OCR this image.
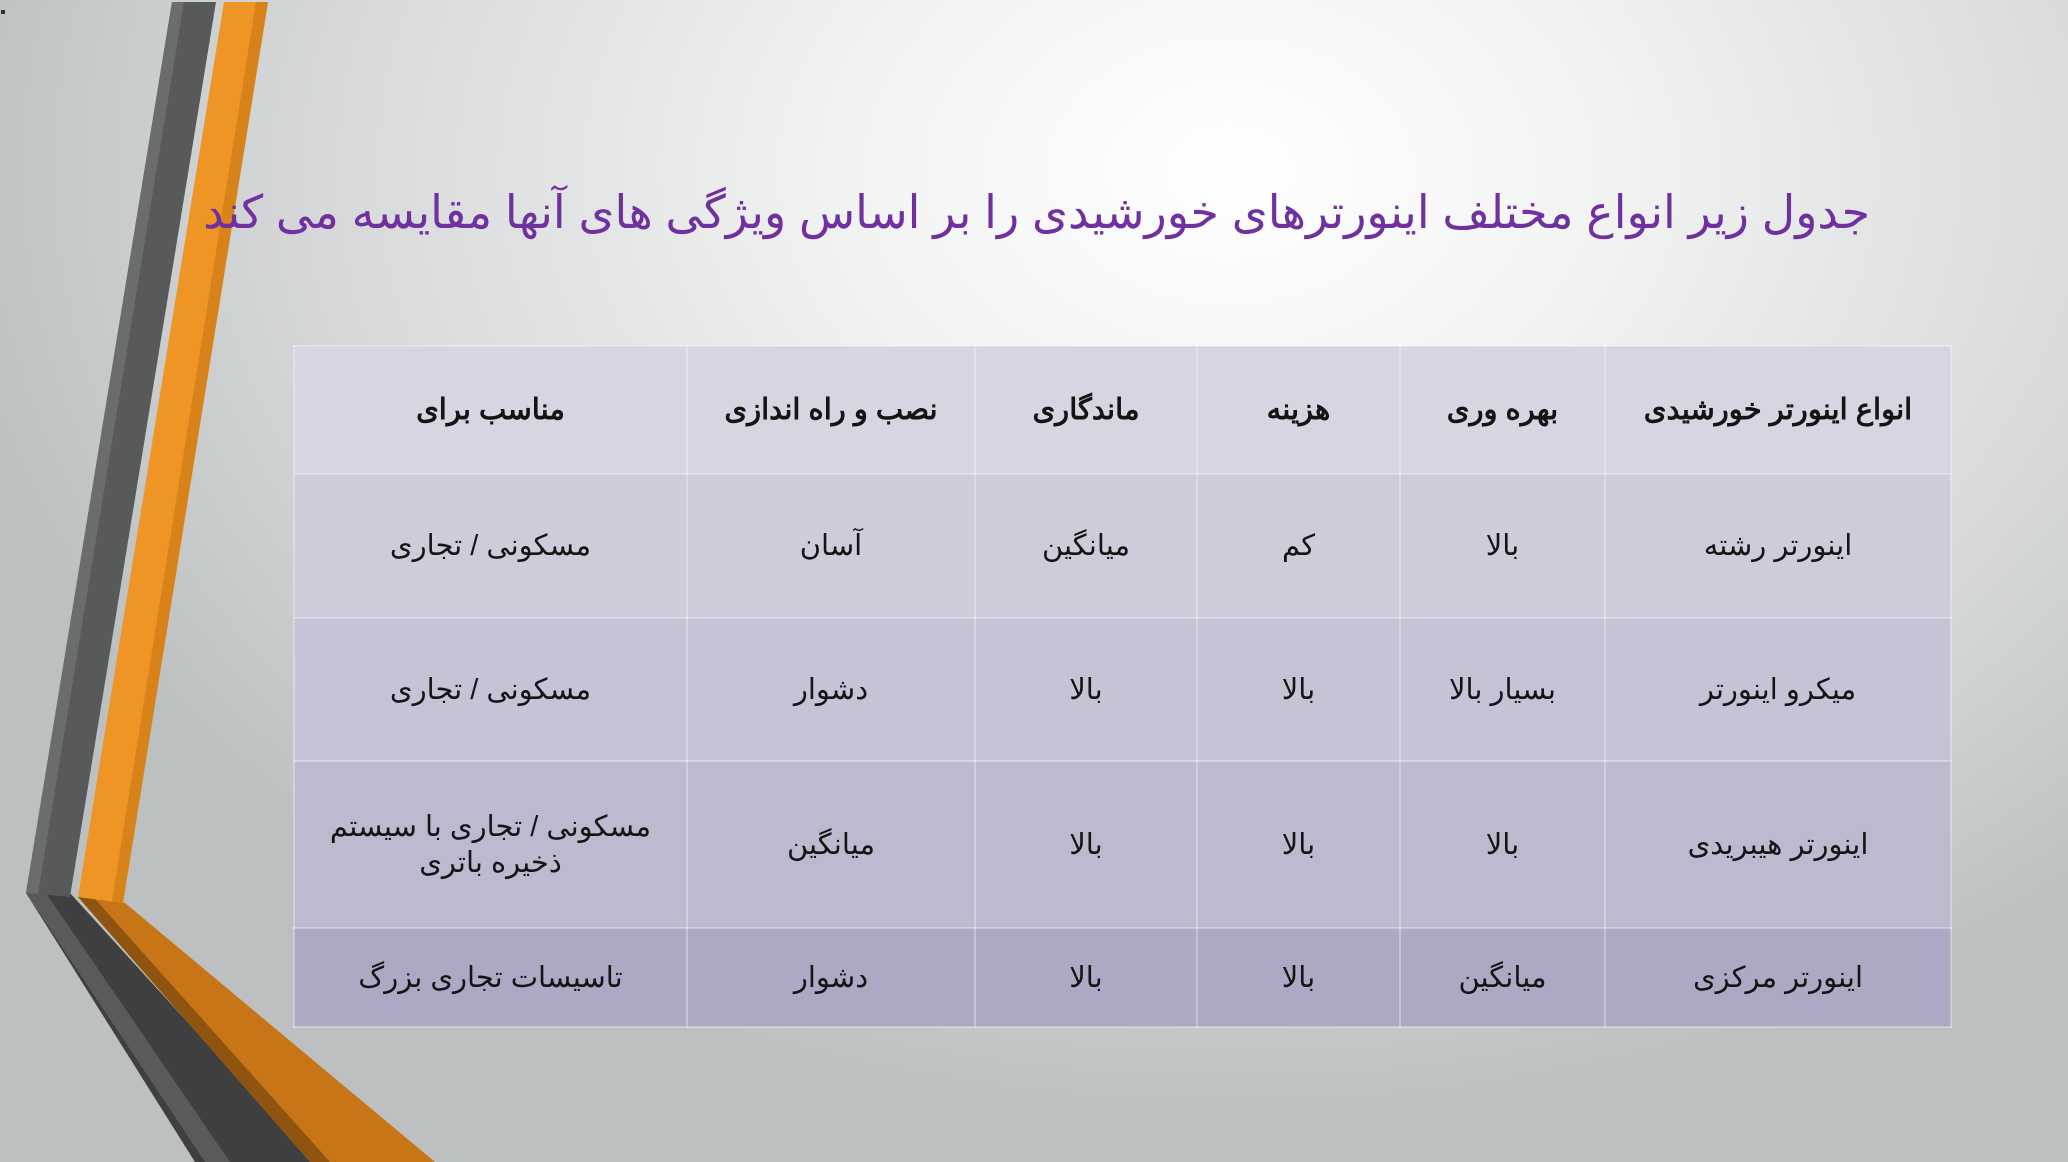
جدول زیر انواع مختلف اینورترهای خورشیدی را بر اساس ویژگی های آنها مقایسه می کند
انواع اینورتر خورشیدی	بهره وری	هزینه	ماندگاری	نصب و راه اندازی	مناسب برای
اینورتر رشته	بالا	کم	میانگین	آسان	مسکونی / تجاری
میکرو اینورتر	بسیار بالا	بالا	بالا	دشوار	مسکونی / تجاری
اینورتر هیبریدی	بالا	بالا	بالا	میانگین	مسکونی / تجاری با سیستم ذخیره باتری
اینورتر مرکزی	میانگین	بالا	بالا	دشوار	تاسیسات تجاری بزرگ
